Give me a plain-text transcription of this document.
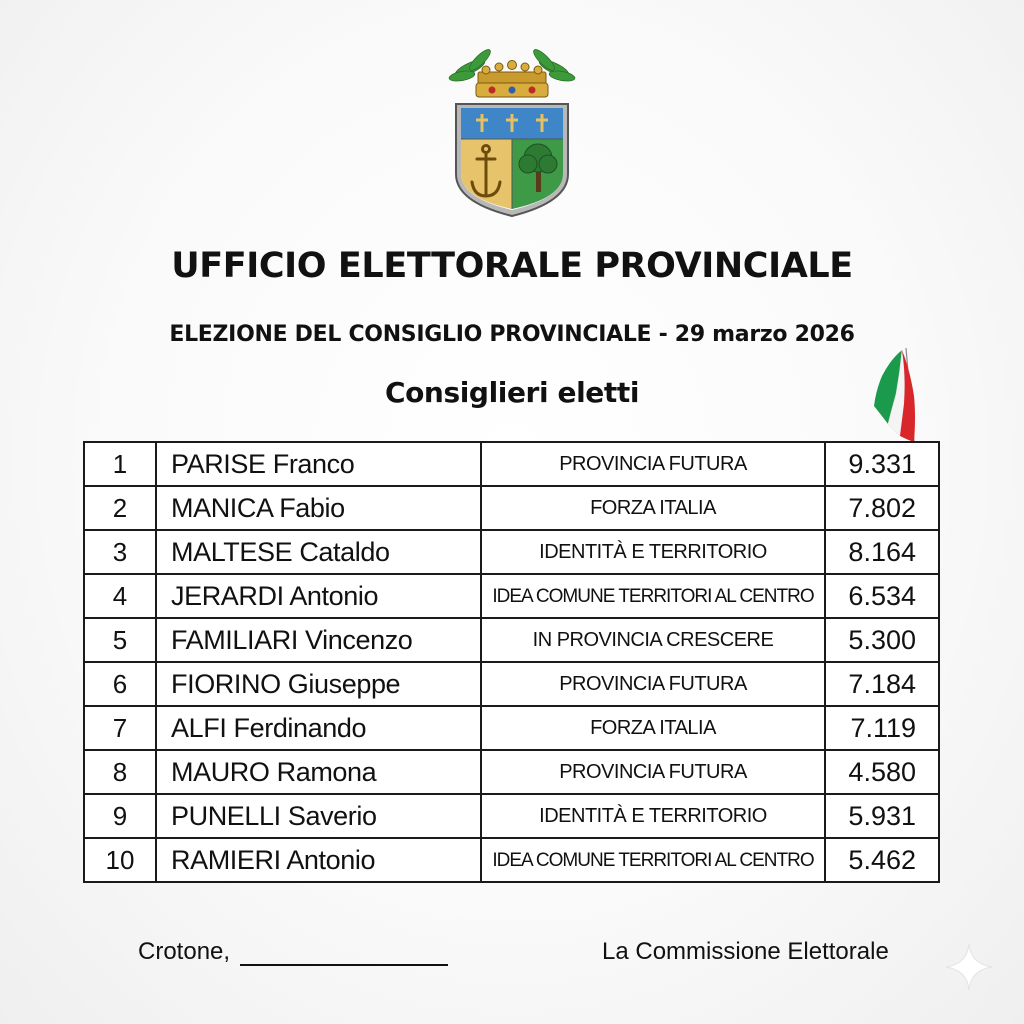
UFFICIO ELETTORALE PROVINCIALE
ELEZIONE DEL CONSIGLIO PROVINCIALE - 29 marzo 2026
Consiglieri eletti
1	PARISE Franco	PROVINCIA FUTURA	9.331
2	MANICA Fabio	FORZA ITALIA	7.802
3	MALTESE Cataldo	IDENTITÀ E TERRITORIO	8.164
4	JERARDI Antonio	IDEA COMUNE TERRITORI AL CENTRO	6.534
5	FAMILIARI Vincenzo	IN PROVINCIA CRESCERE	5.300
6	FIORINO Giuseppe	PROVINCIA FUTURA	7.184
7	ALFI Ferdinando	FORZA ITALIA	7.119
8	MAURO Ramona	PROVINCIA FUTURA	4.580
9	PUNELLI Saverio	IDENTITÀ E TERRITORIO	5.931
10	RAMIERI Antonio	IDEA COMUNE TERRITORI AL CENTRO	5.462
Crotone,	La Commissione Elettorale
